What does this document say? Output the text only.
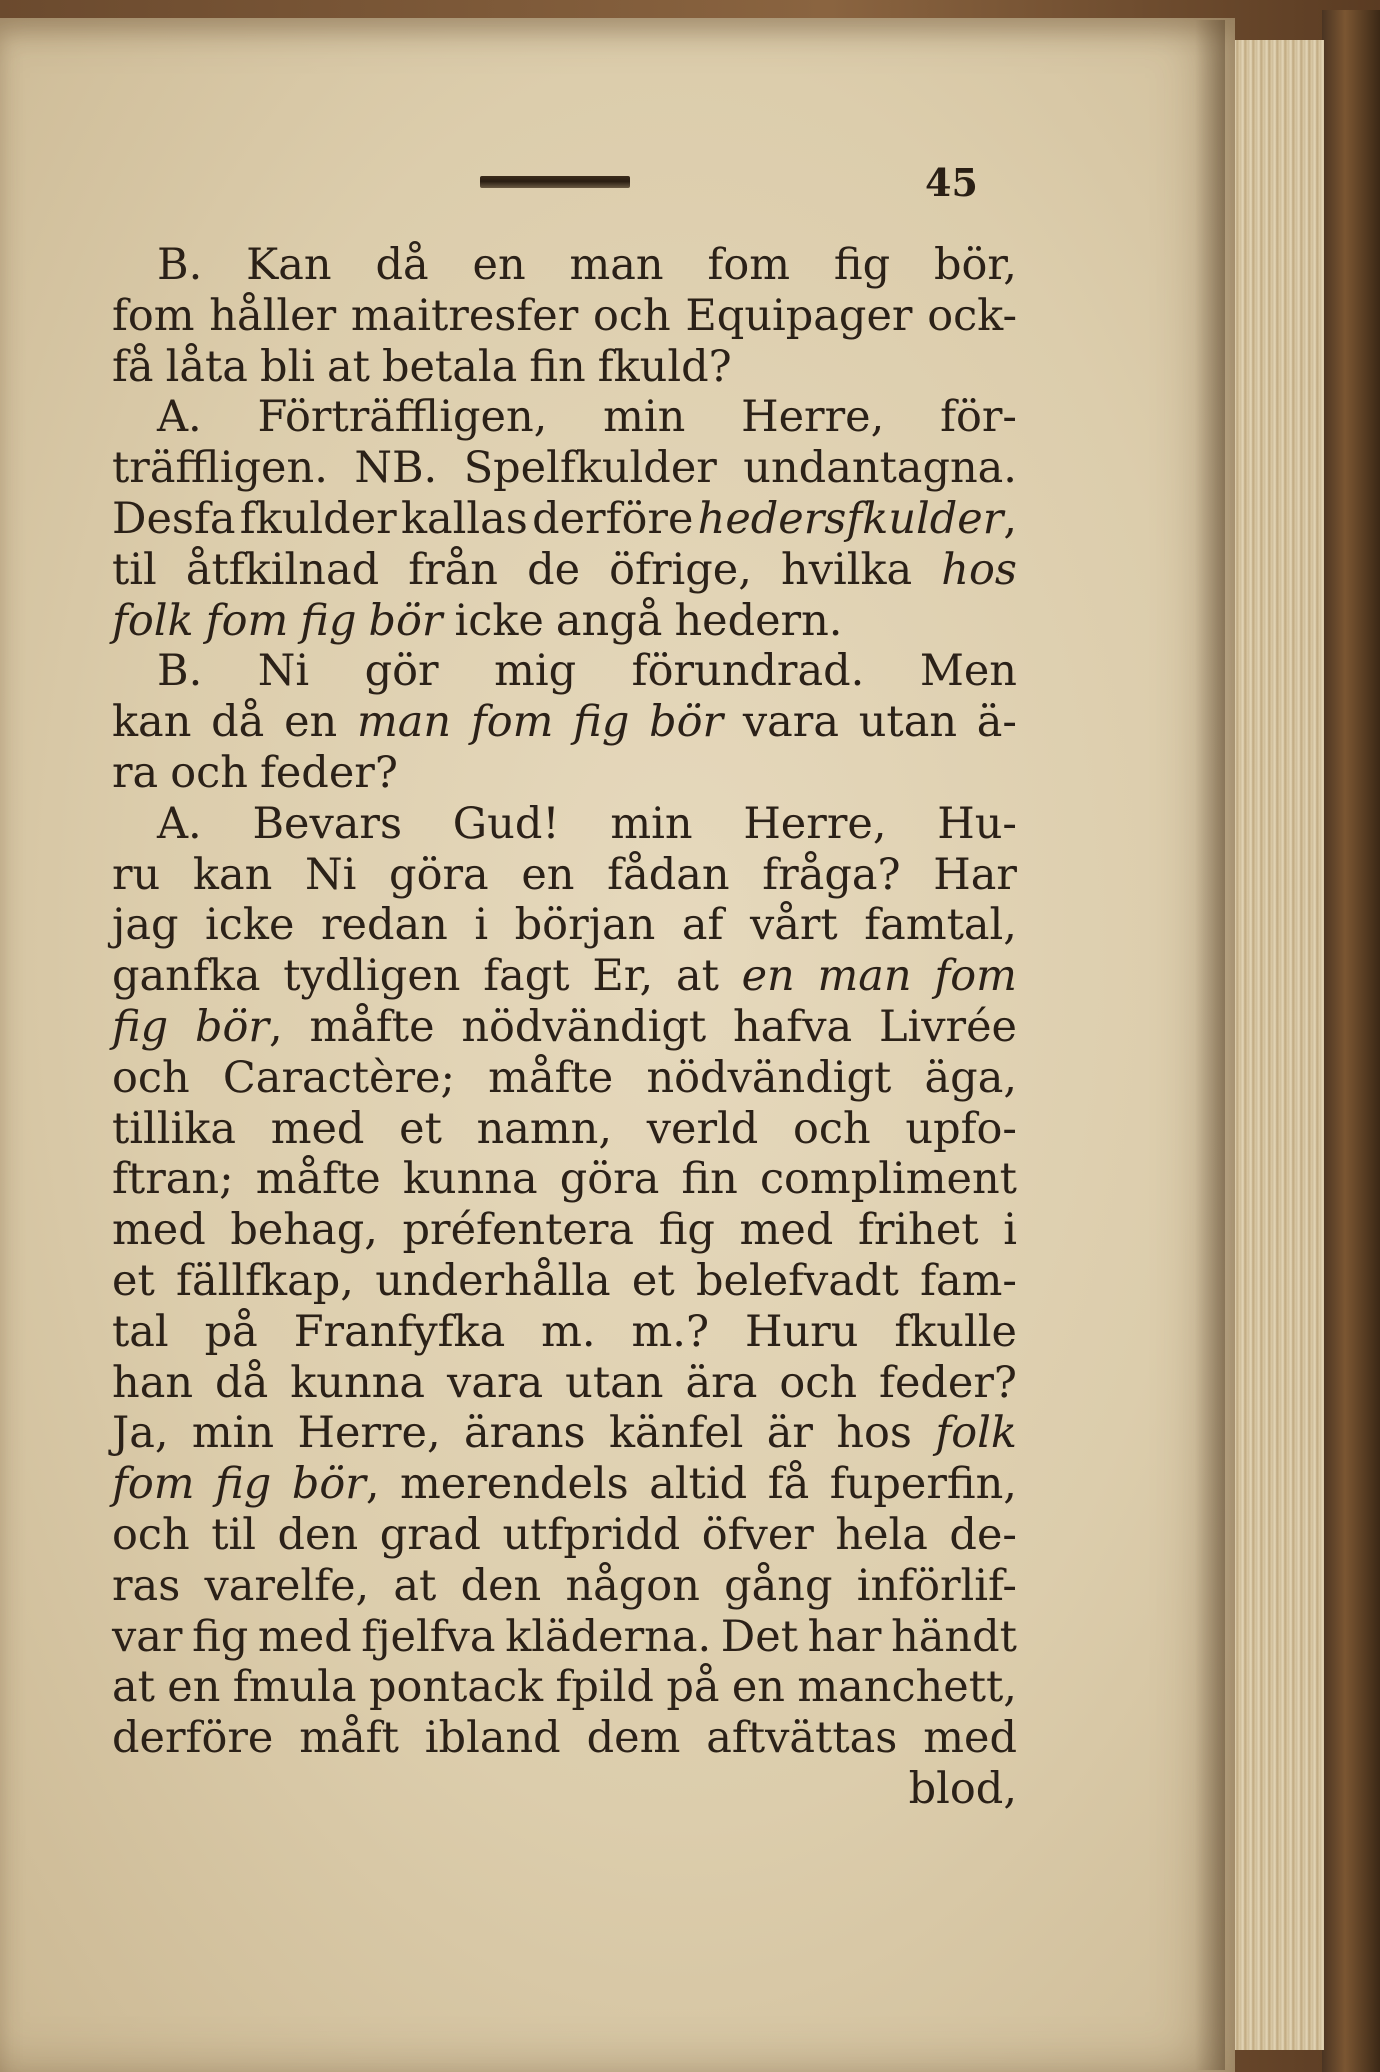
45
B. Kan då en man fom fig bör,
fom håller maitresfer och Equipager ock-
få låta bli at betala fin fkuld?
A. Förträffligen, min Herre, för-
träffligen. NB. Spelfkulder undantagna.
Desfa fkulder kallas derföre hedersfkulder,
til åtfkilnad från de öfrige, hvilka hos
folk fom fig bör icke angå hedern.
B. Ni gör mig förundrad. Men
kan då en man fom fig bör vara utan ä-
ra och feder?
A. Bevars Gud! min Herre, Hu-
ru kan Ni göra en fådan fråga? Har
jag icke redan i början af vårt famtal,
ganfka tydligen fagt Er, at en man fom
fig bör, måfte nödvändigt hafva Livrée
och Caractère; måfte nödvändigt äga,
tillika med et namn, verld och upfo-
ftran; måfte kunna göra fin compliment
med behag, préfentera fig med frihet i
et fällfkap, underhålla et belefvadt fam-
tal på Franfyfka m. m.? Huru fkulle
han då kunna vara utan ära och feder?
Ja, min Herre, ärans känfel är hos folk
fom fig bör, merendels altid få fuperfin,
och til den grad utfpridd öfver hela de-
ras varelfe, at den någon gång införlif-
var fig med fjelfva kläderna. Det har händt
at en fmula pontack fpild på en manchett,
derföre måft ibland dem aftvättas med
blod,
